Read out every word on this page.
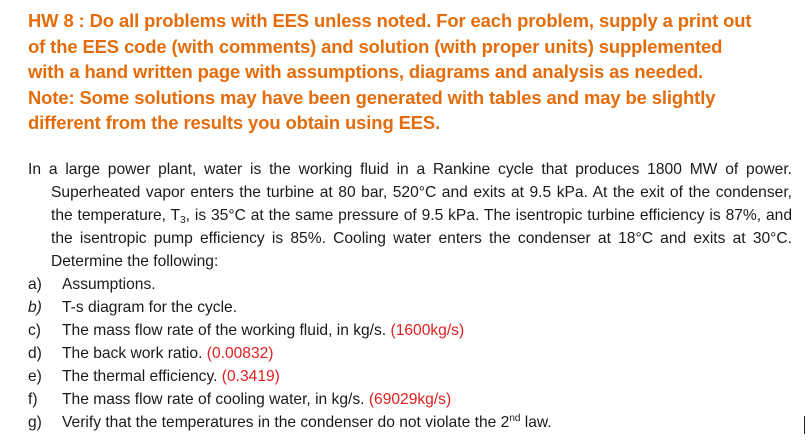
HW 8 : Do all problems with EES unless noted. For each problem, supply a print out
of the EES code (with comments) and solution (with proper units) supplemented
with a hand written page with assumptions, diagrams and analysis as needed.
Note: Some solutions may have been generated with tables and may be slightly
different from the results you obtain using EES.
In a large power plant, water is the working fluid in a Rankine cycle that produces 1800 MW of power. Superheated vapor enters the turbine at 80 bar, 520°C and exits at 9.5 kPa. At the exit of the condenser, the temperature, $T_3$, is 35°C at the same pressure of 9.5 kPa. The isentropic turbine efficiency is 87%, and the isentropic pump efficiency is 85%. Cooling water enters the condenser at 18°C and exits at 30°C. Determine the following:
a) Assumptions.
b) T-s diagram for the cycle.
c) The mass flow rate of the working fluid, in kg/s. (1600kg/s)
d) The back work ratio. (0.00832)
e) The thermal efficiency. (0.3419)
f) The mass flow rate of cooling water, in kg/s. (69029kg/s)
g) Verify that the temperatures in the condenser do not violate the 2nd law.
